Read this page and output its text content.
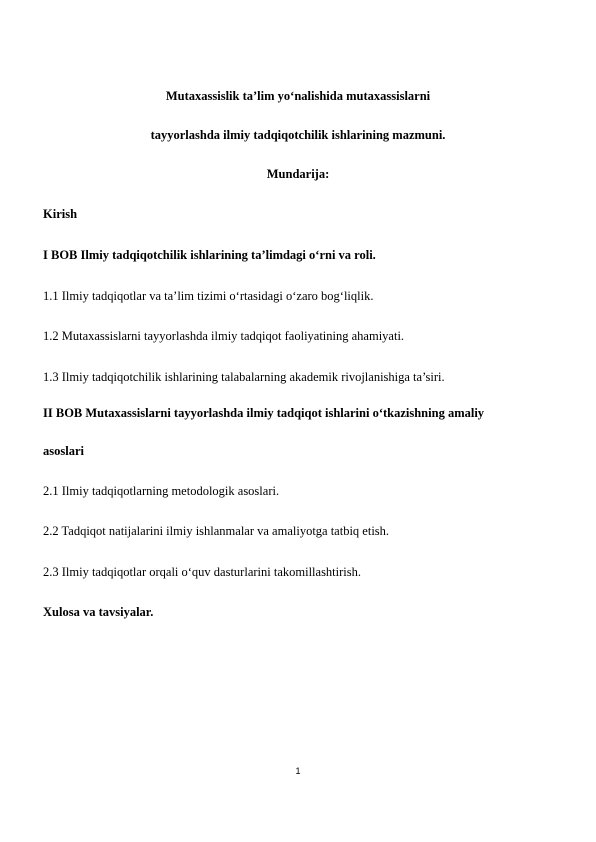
Mutaxassislik ta’lim yo‘nalishida mutaxassislarni
tayyorlashda ilmiy tadqiqotchilik ishlarining mazmuni.
Mundarija:
Kirish
I BOB Ilmiy tadqiqotchilik ishlarining ta’limdagi o‘rni va roli.
1.1 Ilmiy tadqiqotlar va ta’lim tizimi o‘rtasidagi o‘zaro bog‘liqlik.
1.2 Mutaxassislarni tayyorlashda ilmiy tadqiqot faoliyatining ahamiyati.
1.3 Ilmiy tadqiqotchilik ishlarining talabalarning akademik rivojlanishiga ta’siri.
II BOB Mutaxassislarni tayyorlashda ilmiy tadqiqot ishlarini o‘tkazishning amaliy
asoslari
2.1 Ilmiy tadqiqotlarning metodologik asoslari.
2.2 Tadqiqot natijalarini ilmiy ishlanmalar va amaliyotga tatbiq etish.
2.3 Ilmiy tadqiqotlar orqali o‘quv dasturlarini takomillashtirish.
Xulosa va tavsiyalar.
1
